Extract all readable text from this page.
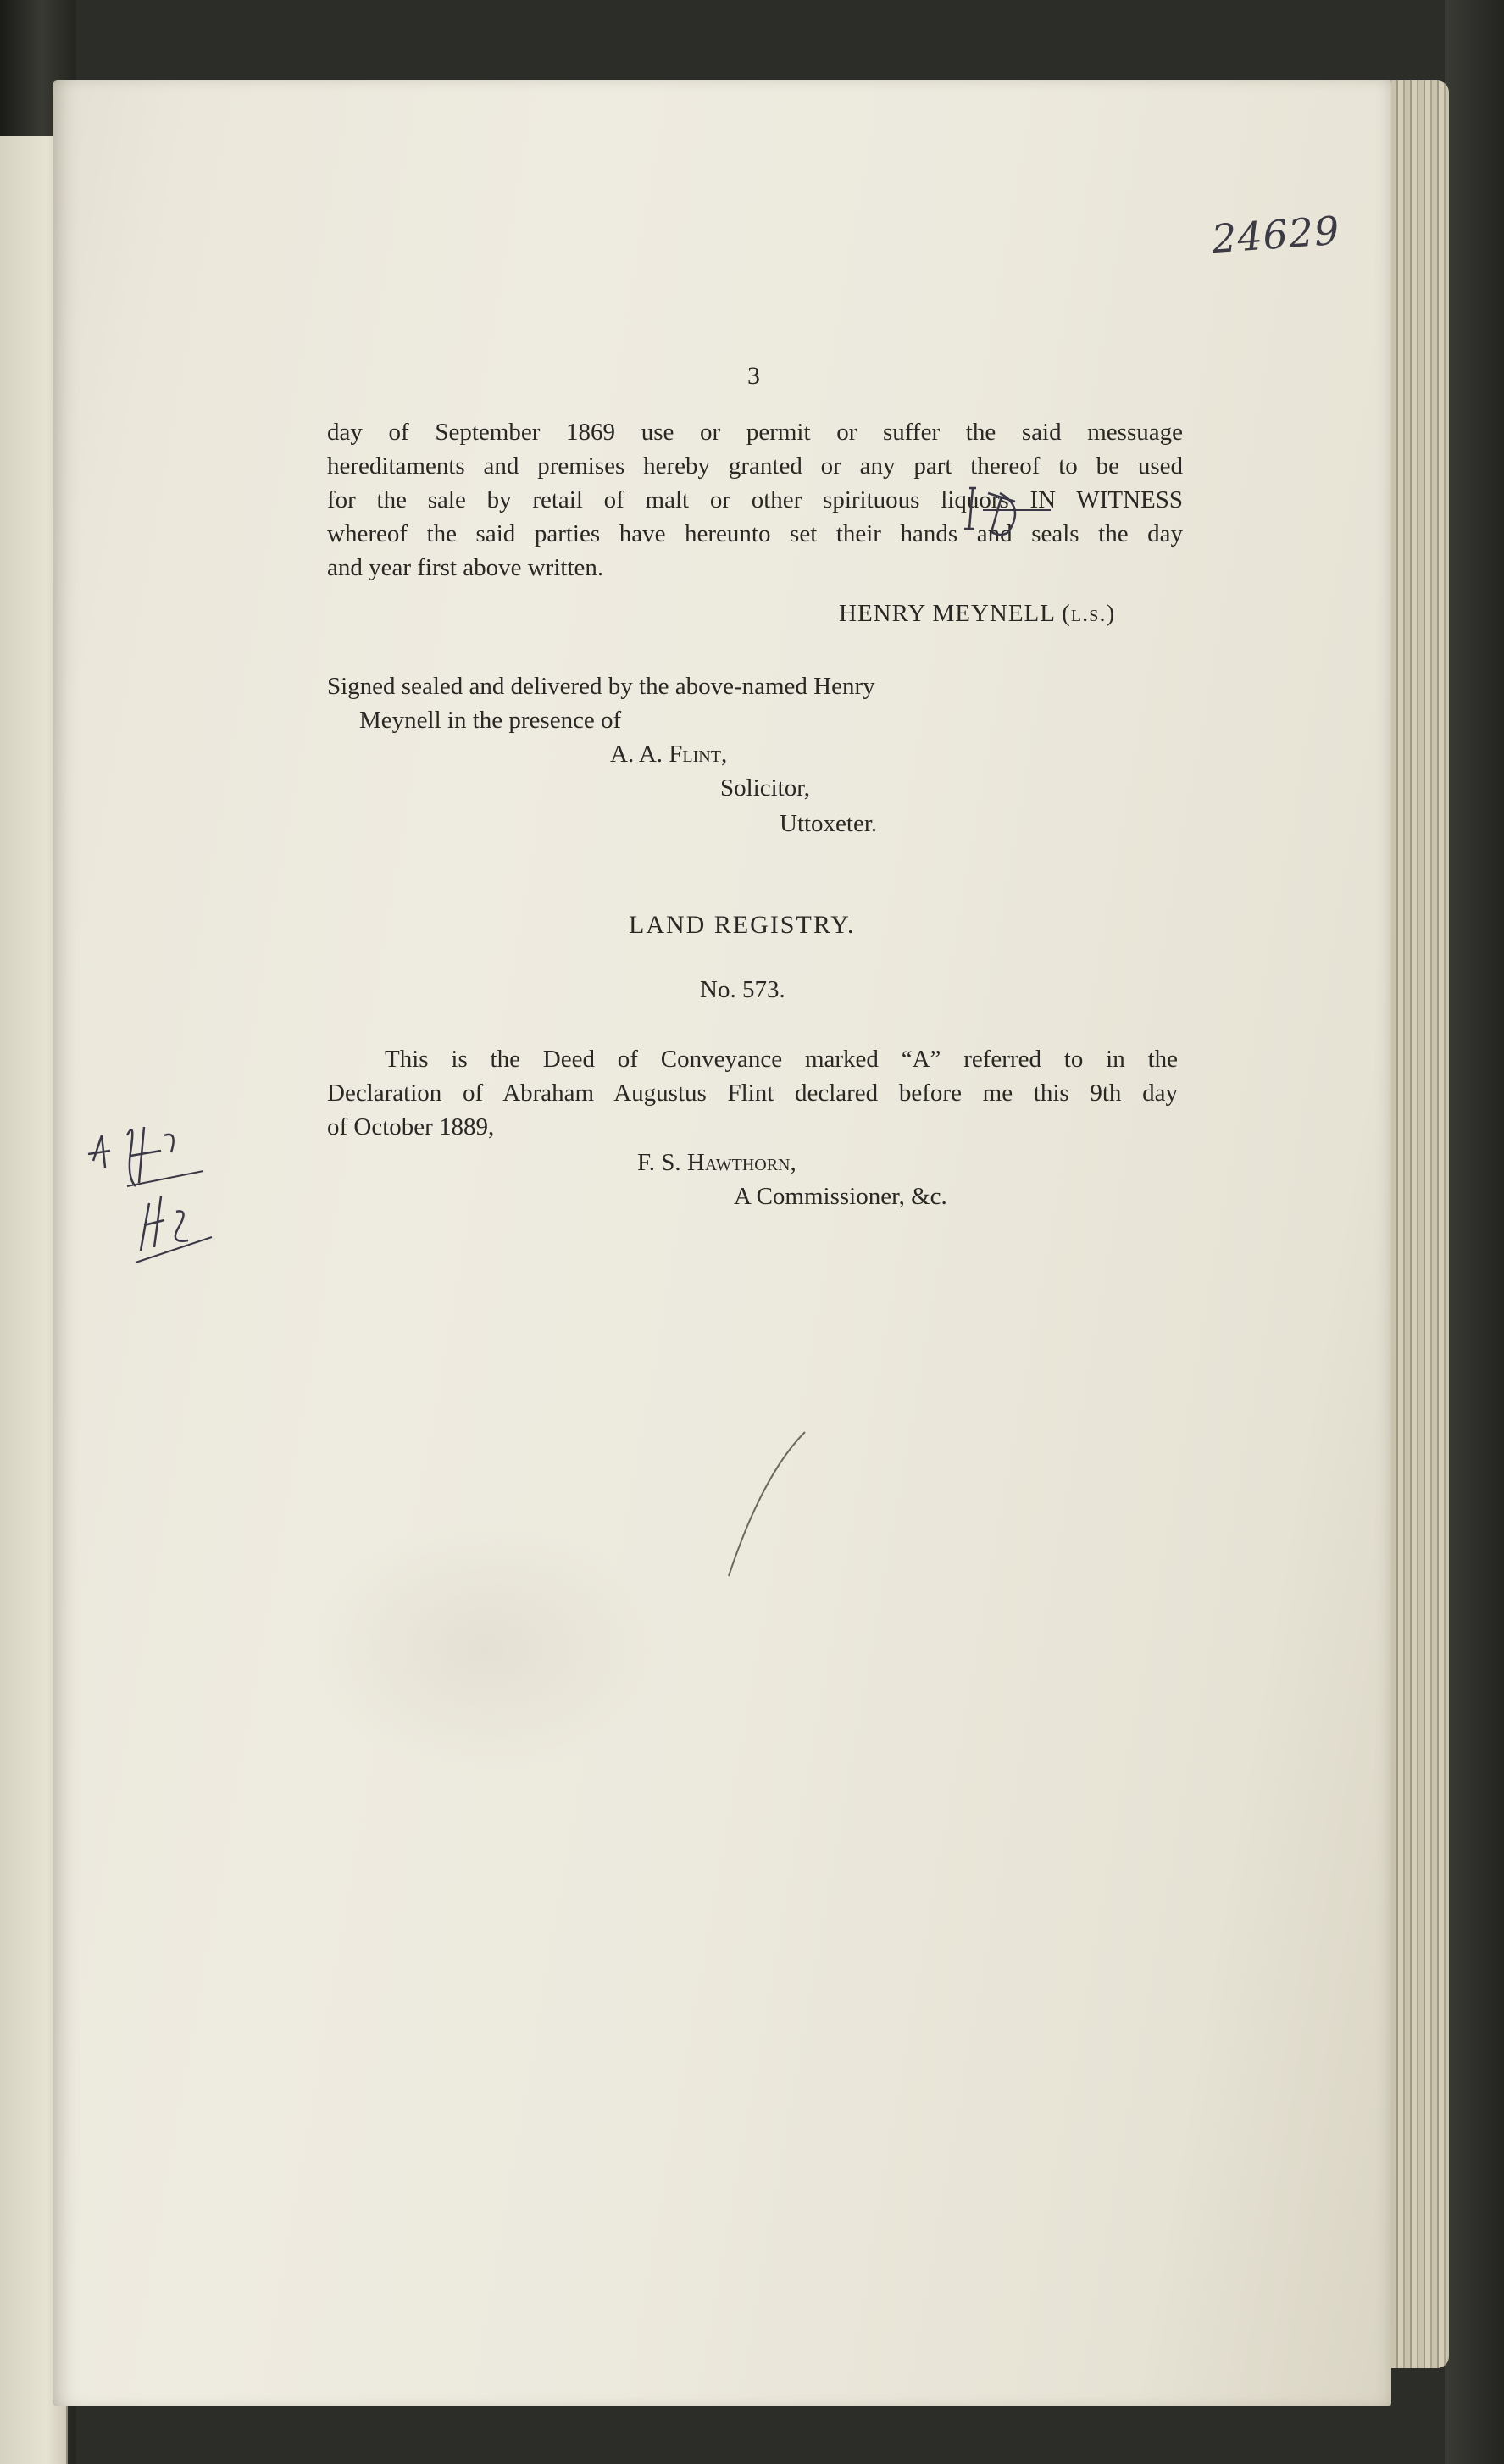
24629
3
day of September 1869 use or permit or suffer the said messuage
hereditaments and premises hereby granted or any part thereof to be used
for the sale by retail of malt or other spirituous liquors IN WITNESS
whereof the said parties have hereunto set their hands and seals the day
and year first above written.
HENRY MEYNELL (l.s.)
Signed sealed and delivered by the above-named Henry
Meynell in the presence of
A. A. Flint,
Solicitor,
Uttoxeter.
LAND REGISTRY.
No. 573.
This is the Deed of Conveyance marked “A” referred to in the
Declaration of Abraham Augustus Flint declared before me this 9th day
of October 1889,
F. S. Hawthorn,
A Commissioner, &c.
